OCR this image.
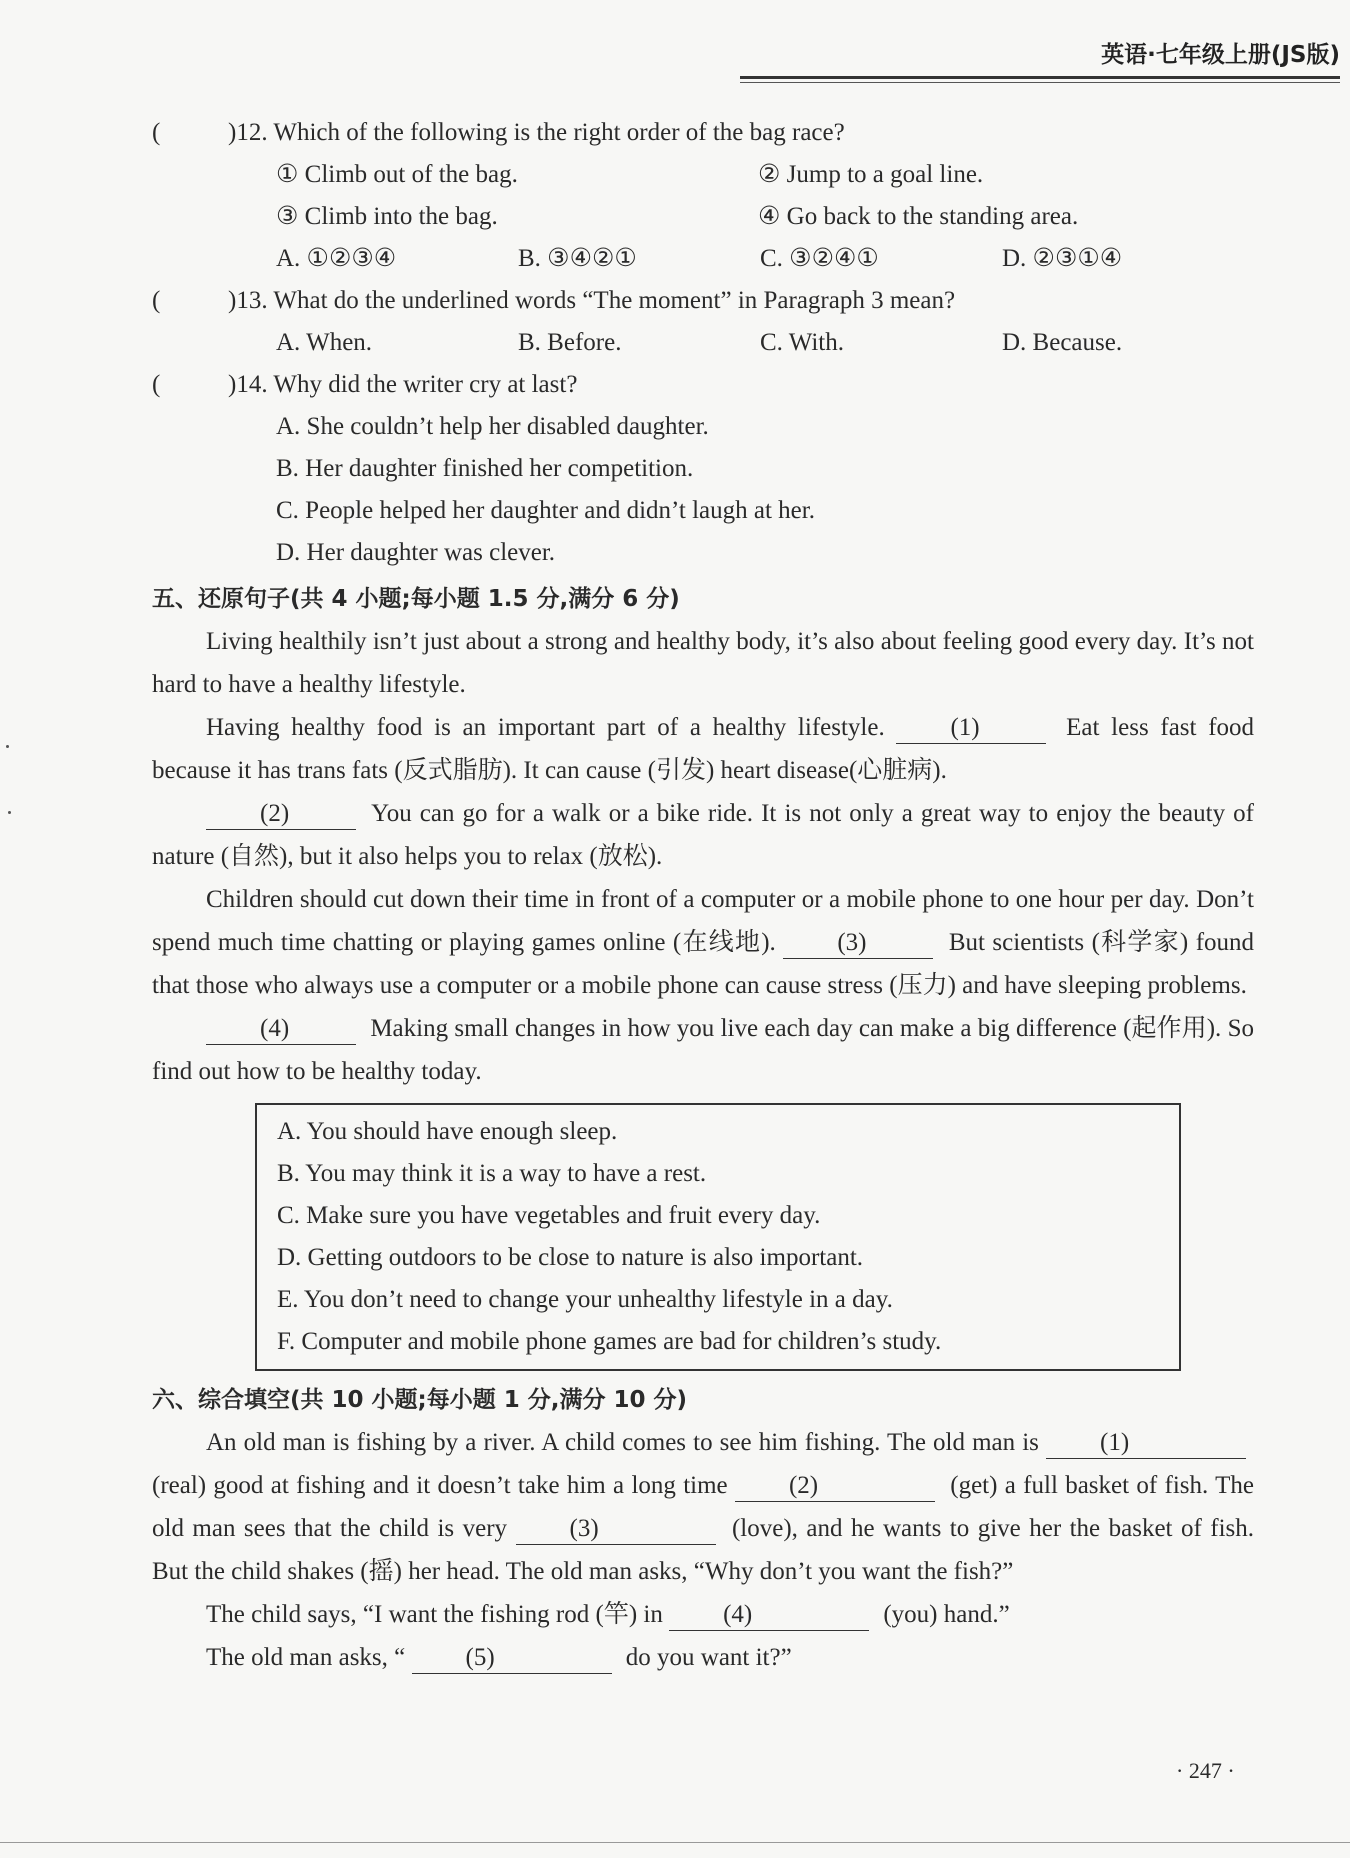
英语·七年级上册(JS版)
(	)12. Which of the following is the right order of the bag race?
① Climb out of the bag.	② Jump to a goal line.
③ Climb into the bag.	④ Go back to the standing area.
A. ①②③④	B. ③④②①	C. ③②④①	D. ②③①④
(	)13. What do the underlined words “The moment” in Paragraph 3 mean?
A. When.	B. Before.	C. With.	D. Because.
(	)14. Why did the writer cry at last?
A. She couldn’t help her disabled daughter.
B. Her daughter finished her competition.
C. People helped her daughter and didn’t laugh at her.
D. Her daughter was clever.
五、还原句子(共 4 小题;每小题 1.5 分,满分 6 分)
Living healthily isn’t just about a strong and healthy body, it’s also about feeling good every day. It’s not hard to have a healthy lifestyle.
Having healthy food is an important part of a healthy lifestyle.	(1)	Eat less fast food because it has trans fats (反式脂肪). It can cause (引发) heart disease(心脏病).
(2)	You can go for a walk or a bike ride. It is not only a great way to enjoy the beauty of nature (自然), but it also helps you to relax (放松).
Children should cut down their time in front of a computer or a mobile phone to one hour per day. Don’t spend much time chatting or playing games online (在线地). (3)	But scientists (科学家) found that those who always use a computer or a mobile phone can cause stress (压力) and have sleeping problems.
(4)	Making small changes in how you live each day can make a big difference (起作用). So find out how to be healthy today.
A. You should have enough sleep.
B. You may think it is a way to have a rest.
C. Make sure you have vegetables and fruit every day.
D. Getting outdoors to be close to nature is also important.
E. You don’t need to change your unhealthy lifestyle in a day.
F. Computer and mobile phone games are bad for children’s study.
六、综合填空(共 10 小题;每小题 1 分,满分 10 分)
An old man is fishing by a river. A child comes to see him fishing. The old man is (1) (real) good at fishing and it doesn’t take him a long time (2)	(get) a full basket of fish. The old man sees that the child is very (3)	(love), and he wants to give her the basket of fish. But the child shakes (摇) her head. The old man asks, “Why don’t you want the fish?”
The child says, “I want the fishing rod (竿) in (4)	(you) hand.”
The old man asks, “ (5)	do you want it?”
· 247 ·
